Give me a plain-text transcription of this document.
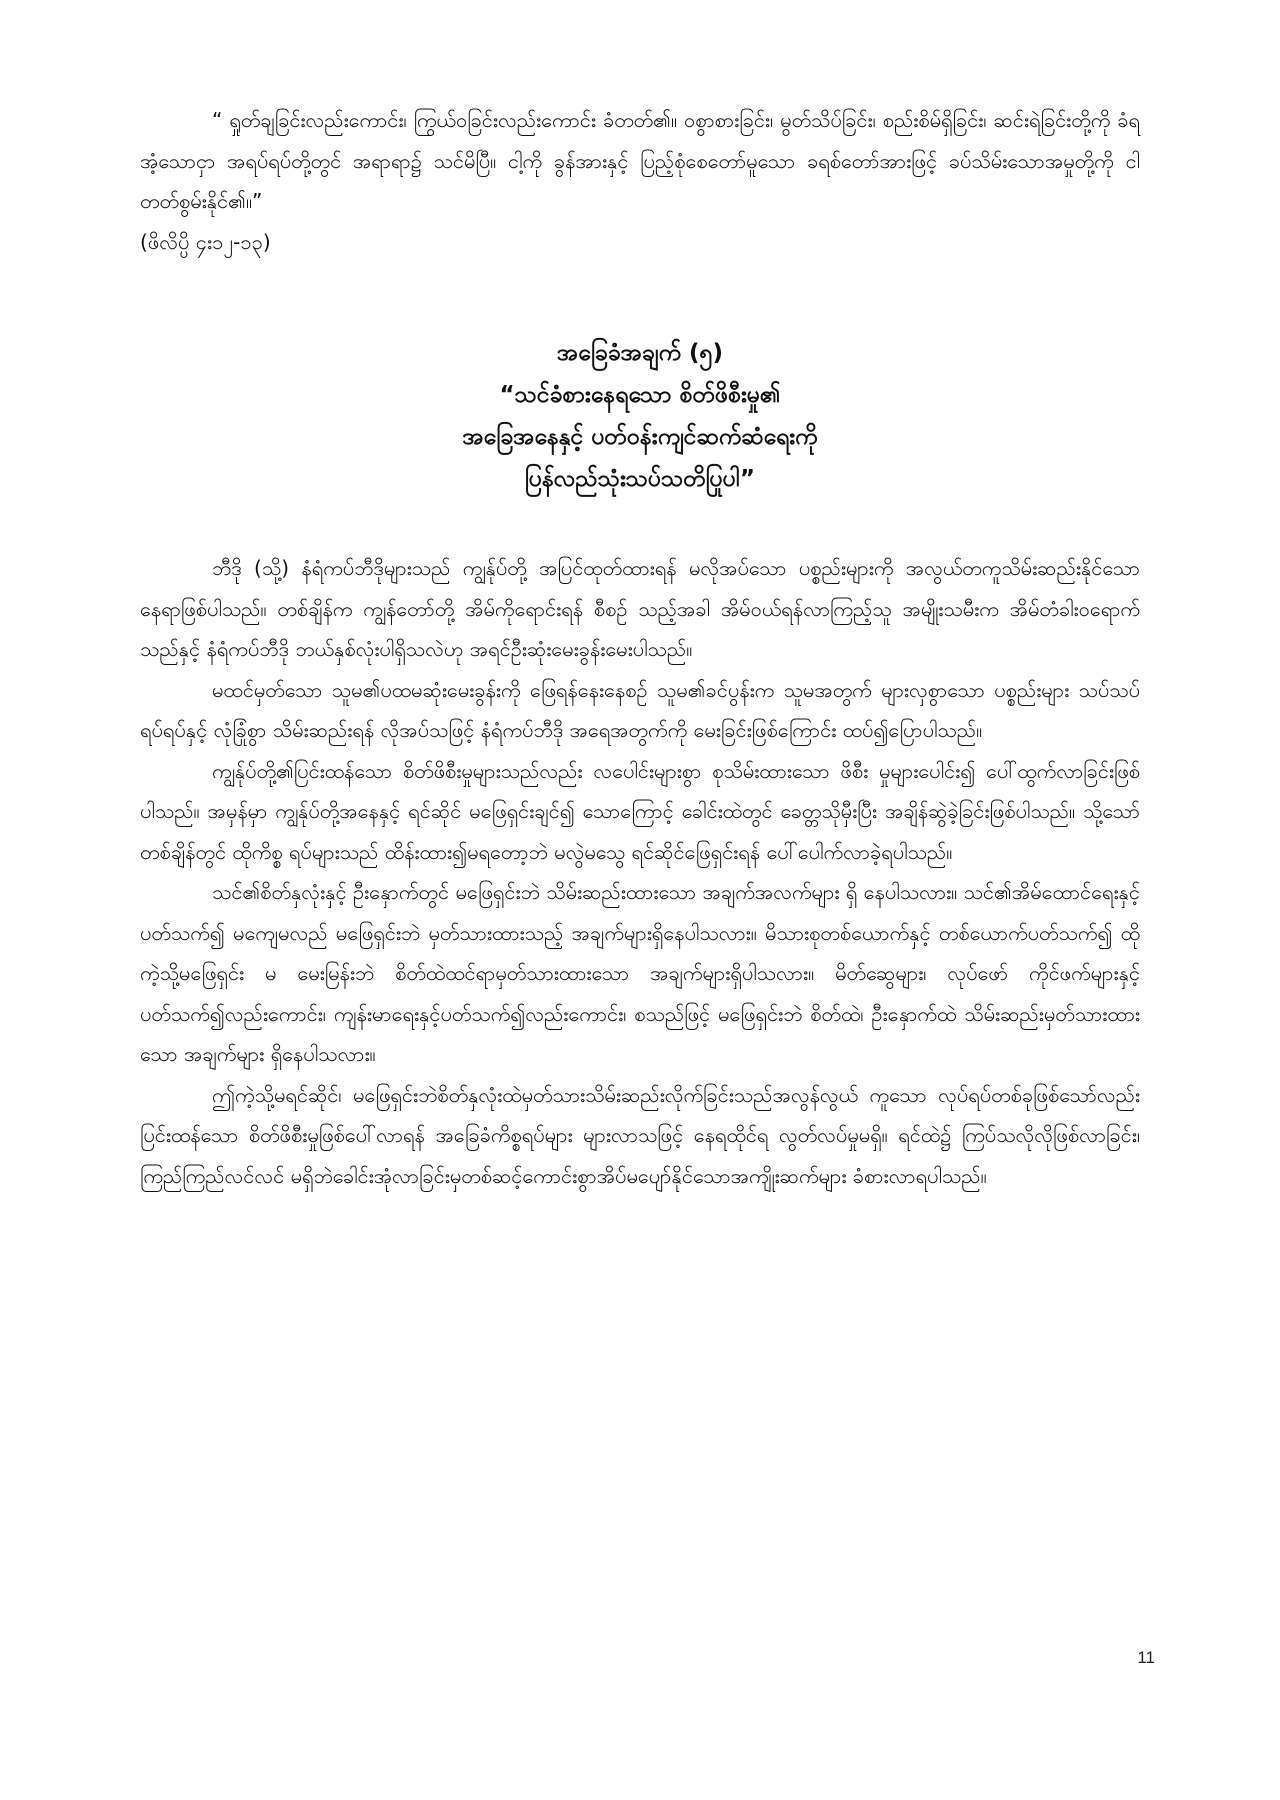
“ ရှုတ်ချခြင်းလည်းကောင်း၊ ကြွယ်ဝခြင်းလည်းကောင်း ခံတတ်၏။ ဝစွာစားခြင်း၊ မွတ်သိပ်ခြင်း၊ စည်းစိမ်ရှိခြင်း၊ ဆင်းရဲခြင်းတို့ကို ခံရအံ့သောငှာ အရပ်ရပ်တို့တွင် အရာရာ၌ သင်မိပြီ။ ငါ့ကို ခွန်အားနှင့် ပြည့်စုံစေတော်မူသော ခရစ်တော်အားဖြင့် ခပ်သိမ်းသောအမှုတို့ကို ငါတတ်စွမ်းနိုင်၏။”

(ဖိလိပ္ပိ ၄း၁၂-၁၃)

အခြေခံအချက် (၅)
“သင်ခံစားနေရသော စိတ်ဖိစီးမှု၏
အခြေအနေနှင့် ပတ်ဝန်းကျင်ဆက်ဆံရေးကို
ပြန်လည်သုံးသပ်သတိပြုပါ”

ဘီဒို (သို့) နံရံကပ်ဘီဒိုများသည် ကျွန်ုပ်တို့ အပြင်ထုတ်ထားရန် မလိုအပ်သော ပစ္စည်းများကို အလွယ်တကူသိမ်းဆည်းနိုင်သော နေရာဖြစ်ပါသည်။ တစ်ချိန်က ကျွန်တော်တို့ အိမ်ကိုရောင်းရန် စီစဉ် သည့်အခါ အိမ်ဝယ်ရန်လာကြည့်သူ အမျိုးသမီးက အိမ်တံခါးဝရောက်သည်နှင့် နံရံကပ်ဘီဒို ဘယ်နှစ်လုံးပါရှိသလဲဟု အရင်ဦးဆုံးမေးခွန်းမေးပါသည်။

မထင်မှတ်သော သူမ၏ပထမဆုံးမေးခွန်းကို ဖြေရန်နေးနေစဉ် သူမ၏ခင်ပွန်းက သူမအတွက် များလှစွာသော ပစ္စည်းများ သပ်သပ်ရပ်ရပ်နှင့် လုံခြုံစွာ သိမ်းဆည်းရန် လိုအပ်သဖြင့် နံရံကပ်ဘီဒို အရေအတွက်ကို မေးခြင်းဖြစ်ကြောင်း ထပ်၍ပြောပါသည်။

ကျွန်ုပ်တို့၏ပြင်းထန်သော စိတ်ဖိစီးမှုများသည်လည်း လပေါင်းများစွာ စုသိမ်းထားသော ဖိစီး မှုများပေါင်း၍ ပေါ်ထွက်လာခြင်းဖြစ်ပါသည်။ အမှန်မှာ ကျွန်ုပ်တို့အနေနှင့် ရင်ဆိုင် မဖြေရှင်းချင်၍ သောကြောင့် ခေါင်းထဲတွင် ခေတ္တသိုမှီးပြီး အချိန်ဆွဲခဲ့ခြင်းဖြစ်ပါသည်။ သို့သော် တစ်ချိန်တွင် ထိုကိစ္စ ရပ်များသည် ထိန်းထား၍မရတော့ဘဲ မလွဲမသွေ ရင်ဆိုင်ဖြေရှင်းရန် ပေါ်ပေါက်လာခဲ့ရပါသည်။

သင်၏စိတ်နှလုံးနှင့် ဦးနှောက်တွင် မဖြေရှင်းဘဲ သိမ်းဆည်းထားသော အချက်အလက်များ ရှိ နေပါသလား။ သင်၏အိမ်ထောင်ရေးနှင့် ပတ်သက်၍ မကျေမလည် မဖြေရှင်းဘဲ မှတ်သားထားသည့် အချက်များရှိနေပါသလား။ မိသားစုတစ်ယောက်နှင့် တစ်ယောက်ပတ်သက်၍ ထိုကဲ့သို့မဖြေရှင်း မ မေးမြန်းဘဲ စိတ်ထဲထင်ရာမှတ်သားထားသော အချက်များရှိပါသလား။ မိတ်ဆွေများ၊ လုပ်ဖော် ကိုင်ဖက်များနှင့် ပတ်သက်၍လည်းကောင်း၊ ကျန်းမာရေးနှင့်ပတ်သက်၍လည်းကောင်း၊ စသည်ဖြင့် မဖြေရှင်းဘဲ စိတ်ထဲ၊ ဦးနှောက်ထဲ သိမ်းဆည်းမှတ်သားထားသော အချက်များ ရှိနေပါသလား။

ဤကဲ့သို့မရင်ဆိုင်၊ မဖြေရှင်းဘဲစိတ်နှလုံးထဲမှတ်သားသိမ်းဆည်းလိုက်ခြင်းသည်အလွန်လွယ် ကူသော လုပ်ရပ်တစ်ခုဖြစ်သော်လည်း ပြင်းထန်သော စိတ်ဖိစီးမှုဖြစ်ပေါ်လာရန် အခြေခံကိစ္စရပ်များ များလာသဖြင့် နေရထိုင်ရ လွတ်လပ်မှုမရှိ။ ရင်ထဲ၌ ကြပ်သလိုလိုဖြစ်လာခြင်း၊ ကြည်ကြည်လင်လင် မရှိဘဲခေါင်းအုံလာခြင်းမှတစ်ဆင့်ကောင်းစွာအိပ်မပျော်နိုင်သောအကျိုးဆက်များ ခံစားလာရပါသည်။

11
